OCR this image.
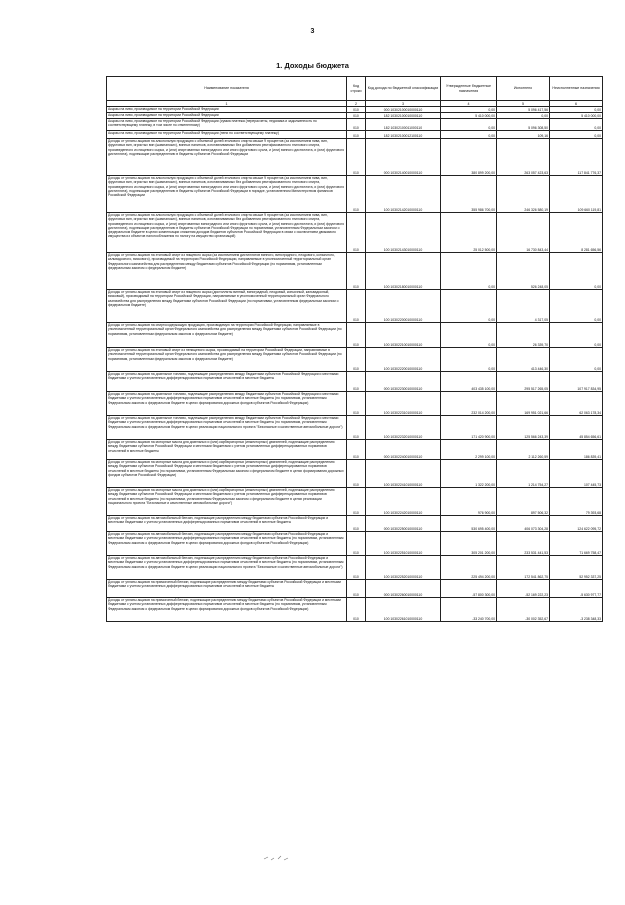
3
1. Доходы бюджета
Наименование показателя	Код строки	Код дохода по бюджетной классификации	Утвержденные бюджетные назначения	Исполнено	Неисполненные назначения
1	2	3	4	5	6
Акцизы на пиво, производимое на территории Российской Федерации	010	000 10302100010000110	0,00	5 096 417,56	0,00
Акцизы на пиво, производимое на территории Российской Федерации	010	182 10302100010000110	5 410 000,00	0,00	5 410 000,00
Акцизы на пиво, производимое на территории Российской Федерации (сумма платежа (перерасчеты, недоимка и задолженность по соответствующему платежу, в том числе по отмененному)	010	182 10302100011000110	0,00	5 096 308,50	0,00
Акцизы на пиво, производимое на территории Российской Федерации (пени по соответствующему платежу)	010	182 10302100012100110	0,00	109,16	0,00
Доходы от уплаты акцизов на алкогольную продукцию с объемной долей этилового спирта свыше 9 процентов (за исключением пива, вин, фруктовых вин, игристых вин (шампанских), винных напитков, изготавливаемых без добавления ректификованного этилового спирта, произведенного из пищевого сырья, и (или) спиртованных виноградного или иного фруктового сусла, и (или) винного дистиллята, и (или) фруктового дистиллята), подлежащие распределению в бюджеты субъектов Российской Федерации	010	000 10302140010000110	380 899 200,00	263 057 423,63	117 841 776,37
Доходы от уплаты акцизов на алкогольную продукцию с объемной долей этилового спирта свыше 9 процентов (за исключением пива, вин, фруктовых вин, игристых вин (шампанских), винных напитков, изготавливаемых без добавления ректификованного этилового спирта, произведенного из пищевого сырья, и (или) спиртованных виноградного или иного фруктового сусла, и (или) винного дистиллята, и (или) фруктового дистиллята), подлежащие распределению в бюджеты субъектов Российской Федерации в порядке, установленном Министерством финансов Российской Федерации	010	100 10302142010000110	355 986 700,00	246 326 580,19	109 660 119,81
Доходы от уплаты акцизов на алкогольную продукцию с объемной долей этилового спирта свыше 9 процентов (за исключением пива, вин, фруктовых вин, игристых вин (шампанских), винных напитков, изготавливаемых без добавления ректификованного этилового спирта, произведенного из пищевого сырья, и (или) спиртованных виноградного или иного фруктового сусла, и (или) винного дистиллята, и (или) фруктового дистиллята), подлежащие распределению в бюджеты субъектов Российской Федерации по нормативам, установленным Федеральным законом о федеральном бюджете в целях компенсации снижения доходов бюджетов субъектов Российской Федерации в связи с исключением движимого имущества из объектов налогообложения по налогу на имущество организаций)	010	100 10302143010000110	25 012 500,00	16 730 843,44	8 281 656,56
Доходы от уплаты акцизов на этиловый спирт из пищевого сырья (за исключением дистиллятов винного, виноградного, плодового, коньячного, кальвадосного, вискового), производимый на территории Российской Федерации, направляемые в уполномоченный территориальный орган Федерального казначейства для распределения между бюджетами субъектов Российской Федерации (по нормативам, установленным федеральным законом о федеральном бюджете)	010	100 10302180010000110	0,00	526 248,05	0,00
Доходы от уплаты акцизов на этиловый спирт из пищевого сырья (дистилляты винный, виноградный, плодовый, коньячный, кальвадосный, висковый), производимый на территории Российской Федерации, направляемые в уполномоченный территориальный орган Федерального казначейства для распределения между бюджетами субъектов Российской Федерации (по нормативам, установленным федеральным законом о федеральном бюджете)	010	100 10302200010000110	0,00	4 317,05	0,00
Доходы от уплаты акцизов на спиртосодержащую продукцию, производимую на территории Российской Федерации, направляемые в уполномоченный территориальный орган Федерального казначейства для распределения между бюджетами субъектов Российской Федерации (по нормативам, установленным федеральным законом о федеральном бюджете)	010	100 10302210010000110	0,00	26 339,70	0,00
Доходы от уплаты акцизов на этиловый спирт из непищевого сырья, производимый на территории Российской Федерации, направляемые в уполномоченный территориальный орган Федерального казначейства для распределения между бюджетами субъектов Российской Федерации (по нормативам, установленным федеральным законом о федеральном бюджете)	010	100 10302220010000110	0,00	413 446,30	0,00
Доходы от уплаты акцизов на дизельное топливо, подлежащие распределению между бюджетами субъектов Российской Федерации и местными бюджетами с учетом установленных дифференцированных нормативов отчислений в местные бюджеты	010	000 10302230010000110	403 435 100,00	295 517 265,05	107 917 834,95
Доходы от уплаты акцизов на дизельное топливо, подлежащие распределению между бюджетами субъектов Российской Федерации и местными бюджетами с учетом установленных дифференцированных нормативов отчислений в местные бюджеты (по нормативам, установленным Федеральным законом о федеральном бюджете в целях формирования дорожных фондов субъектов Российской Федерации)	010	100 10302231010000110	232 014 200,00	169 951 021,66	62 063 178,34
Доходы от уплаты акцизов на дизельное топливо, подлежащие распределению между бюджетами субъектов Российской Федерации и местными бюджетами с учетом установленных дифференцированных нормативов отчислений в местные бюджеты (по нормативам, установленным Федеральным законом о федеральном бюджете в целях реализации национального проекта "Безопасные и качественные автомобильные дороги")	010	100 10302232010000110	171 420 900,00	125 566 243,39	45 854 656,61
Доходы от уплаты акцизов на моторные масла для дизельных и (или) карбюраторных (инжекторных) двигателей, подлежащие распределению между бюджетами субъектов Российской Федерации и местными бюджетами с учетом установленных дифференцированных нормативов отчислений в местные бюджеты	010	000 10302240010000110	2 299 100,00	2 112 260,59	186 839,41
Доходы от уплаты акцизов на моторные масла для дизельных и (или) карбюраторных (инжекторных) двигателей, подлежащие распределению между бюджетами субъектов Российской Федерации и местными бюджетами с учетом установленных дифференцированных нормативов отчислений в местные бюджеты (по нормативам, установленным Федеральным законом о федеральном бюджете в целях формирования дорожных фондов субъектов Российской Федерации)	010	100 10302241010000110	1 322 200,00	1 214 754,27	107 445,73
Доходы от уплаты акцизов на моторные масла для дизельных и (или) карбюраторных (инжекторных) двигателей, подлежащие распределению между бюджетами субъектов Российской Федерации и местными бюджетами с учетом установленных дифференцированных нормативов отчислений в местные бюджеты (по нормативам, установленным Федеральным законом о федеральном бюджете в целях реализации национального проекта "Безопасные и качественные автомобильные дороги")	010	100 10302242010000110	976 900,00	897 506,32	79 393,68
Доходы от уплаты акцизов на автомобильный бензин, подлежащие распределению между бюджетами субъектов Российской Федерации и местными бюджетами с учетом установленных дифференцированных нормативов отчислений в местные бюджеты	010	000 10302250010000110	530 695 400,00	406 073 304,28	124 622 095,72
Доходы от уплаты акцизов на автомобильный бензин, подлежащие распределению между бюджетами субъектов Российской Федерации и местными бюджетами с учетом установленных дифференцированных нормативов отчислений в местные бюджеты (по нормативам, установленным Федеральным законом о федеральном бюджете в целях формирования дорожных фондов субъектов Российской Федерации)	010	100 10302251010000110	305 201 200,00	233 531 441,53	71 669 758,47
Доходы от уплаты акцизов на автомобильный бензин, подлежащие распределению между бюджетами субъектов Российской Федерации и местными бюджетами с учетом установленных дифференцированных нормативов отчислений в местные бюджеты (по нормативам, установленным Федеральным законом о федеральном бюджете в целях реализации национального проекта "Безопасные и качественные автомобильные дороги")	010	100 10302252010000110	225 494 200,00	172 541 862,75	52 952 337,25
Доходы от уплаты акцизов на прямогонный бензин, подлежащие распределению между бюджетами субъектов Российской Федерации и местными бюджетами с учетом установленных дифференцированных нормативов отчислений в местные бюджеты	010	000 10302260010000110	-57 800 300,00	-52 169 222,23	-5 630 977,77
Доходы от уплаты акцизов на прямогонный бензин, подлежащие распределению между бюджетами субъектов Российской Федерации и местными бюджетами с учетом установленных дифференцированных нормативов отчислений в местные бюджеты (по нормативам, установленным Федеральным законом о федеральном бюджете в целях формирования дорожных фондов субъектов Российской Федерации)	010	100 10302261010000110	-33 240 700,00	-30 002 352,67	-3 238 348,33
